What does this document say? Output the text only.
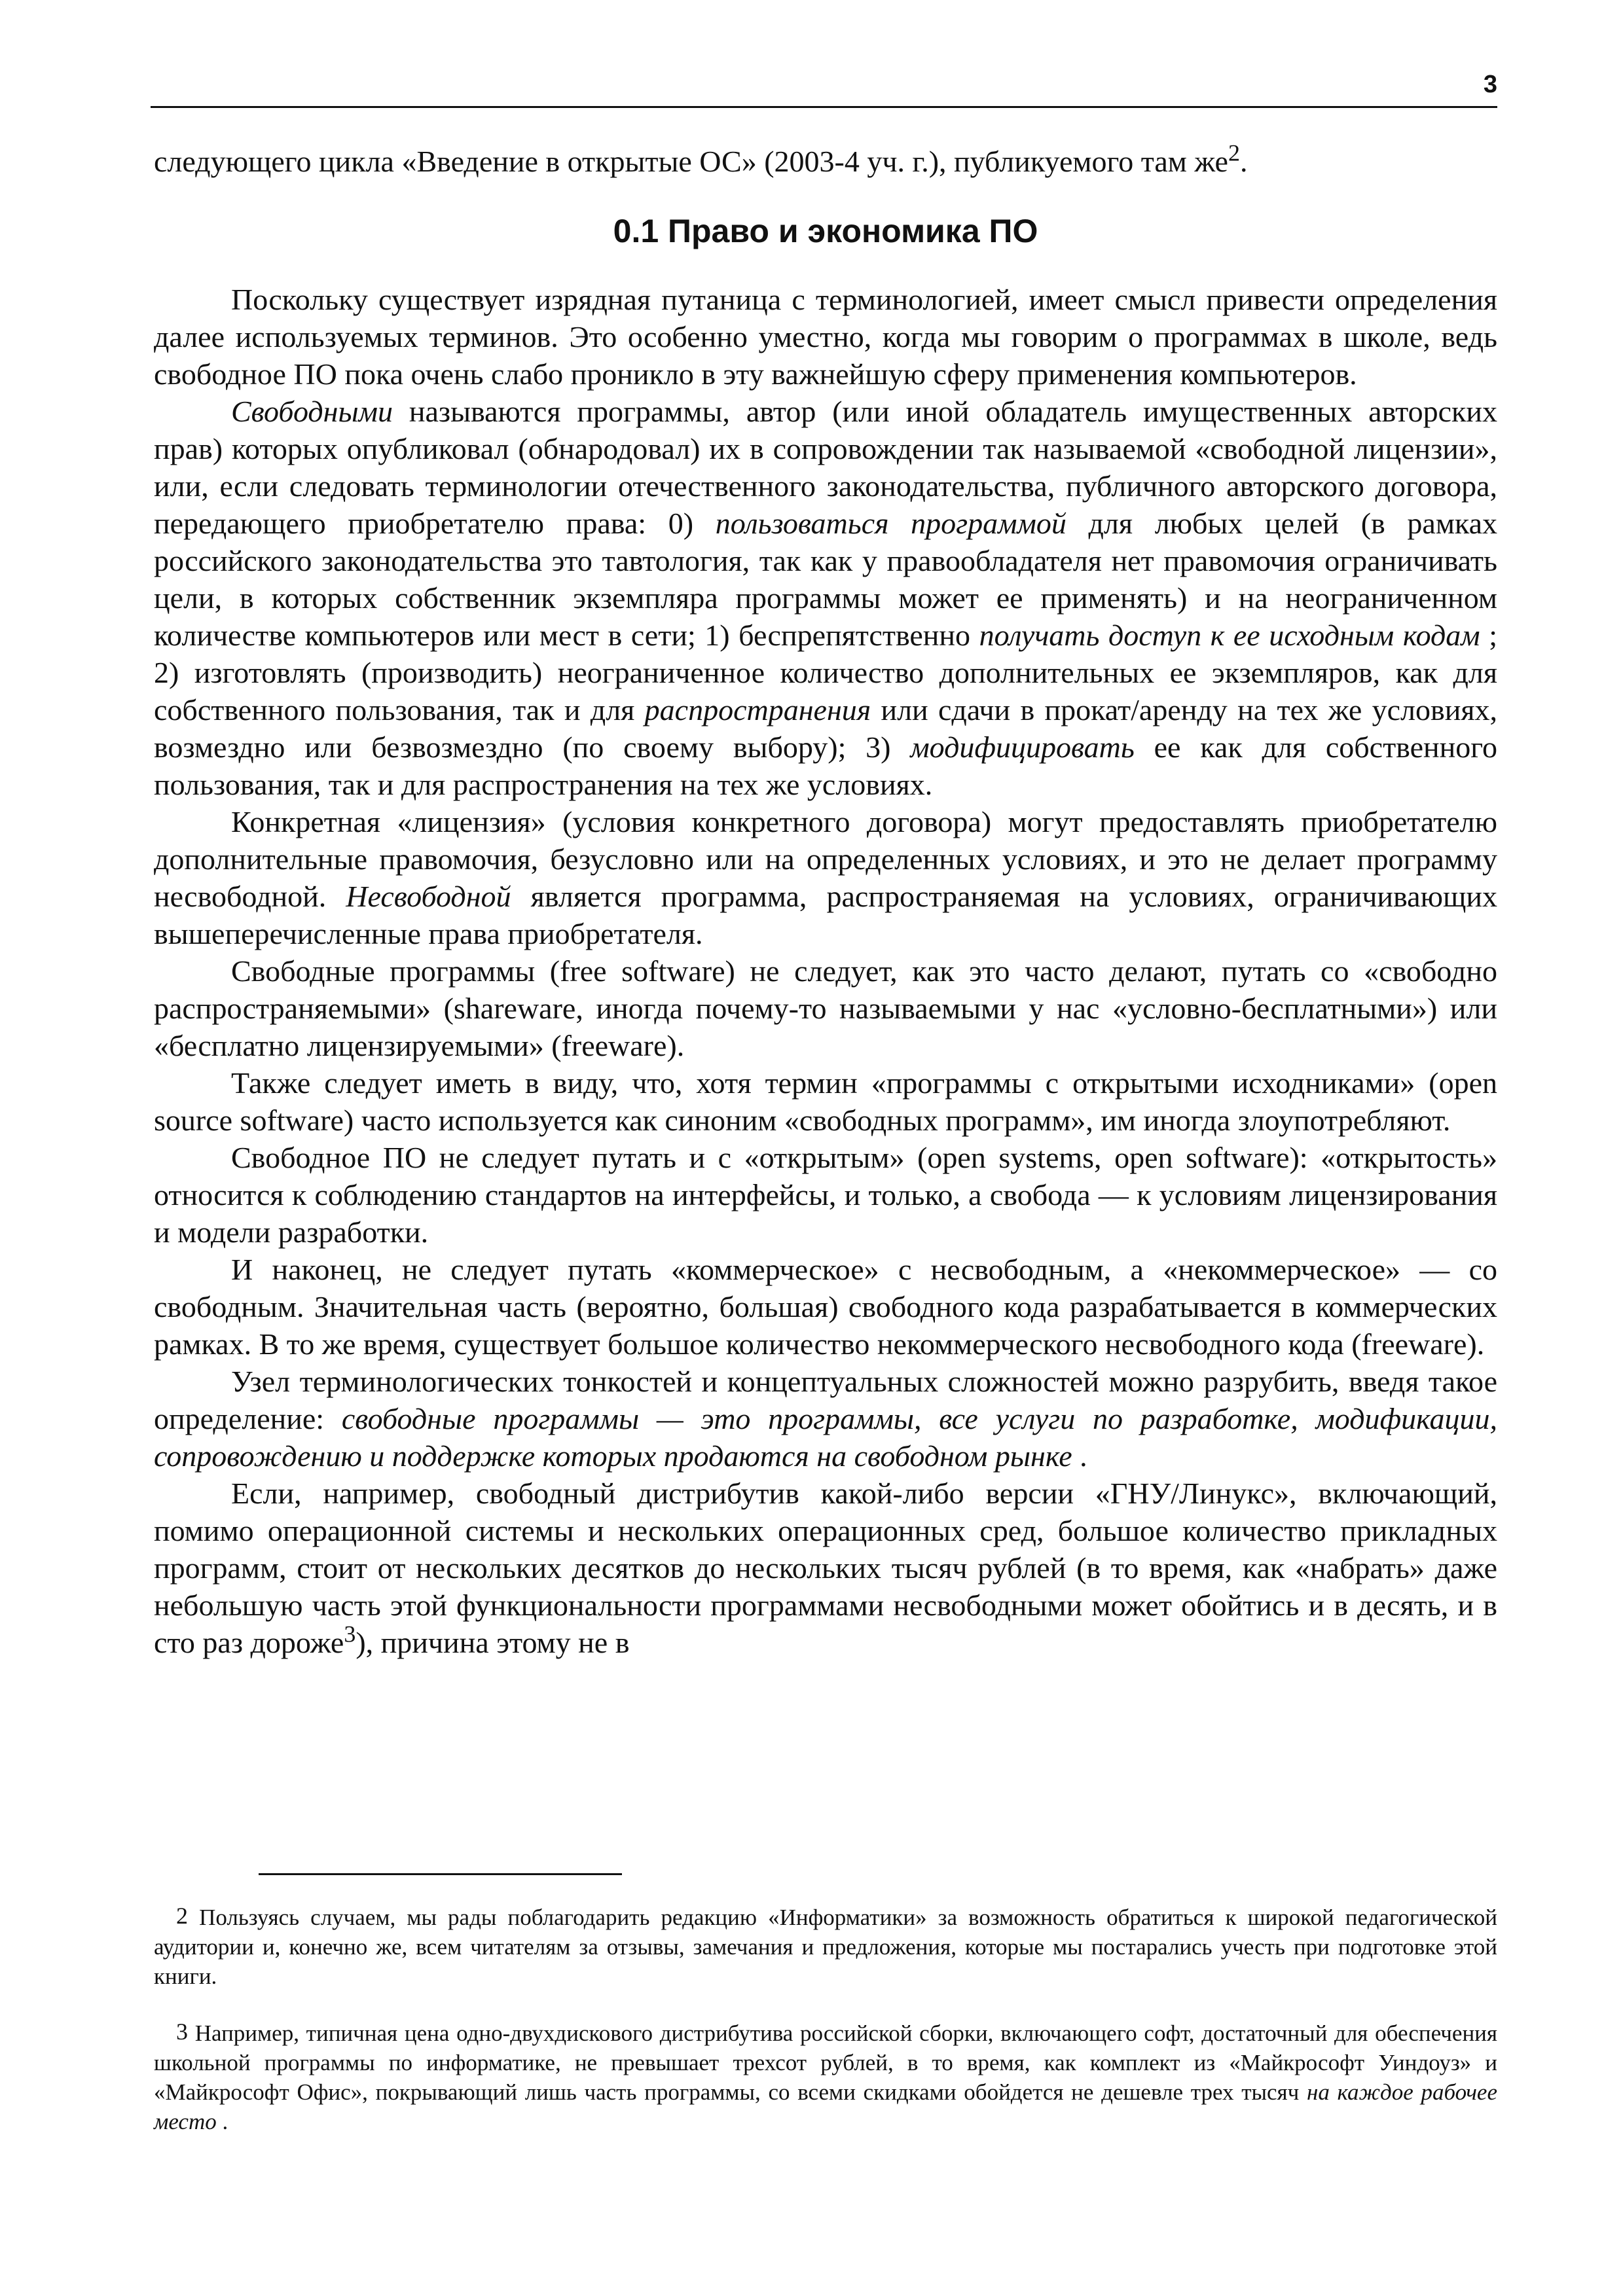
3

следующего цикла «Введение в открытые ОС» (2003-4 уч. г.), публикуемого там же$^2$.

0.1 Право и экономика ПО

Поскольку существует изрядная путаница с терминологией, имеет смысл привести определения далее используемых терминов. Это особенно уместно, когда мы говорим о программах в школе, ведь свободное ПО пока очень слабо проникло в эту важнейшую сферу применения компьютеров.

Свободными называются программы, автор (или иной обладатель имущественных авторских прав) которых опубликовал (обнародовал) их в сопровождении так называемой «свободной лицензии», или, если следовать терминологии отечественного законодательства, публичного авторского договора, передающего приобретателю права: 0) пользоваться программой для любых целей (в рамках российского законодательства это тавтология, так как у правообладателя нет правомочия ограничивать цели, в которых собственник экземпляра программы может ее применять) и на неограниченном количестве компьютеров или мест в сети; 1) беспрепятственно получать доступ к ее исходным кодам ; 2) изготовлять (производить) неограниченное количество дополнительных ее экземпляров, как для собственного пользования, так и для распространения или сдачи в прокат/аренду на тех же условиях, возмездно или безвозмездно (по своему выбору); 3) модифицировать ее как для собственного пользования, так и для распространения на тех же условиях.

Конкретная «лицензия» (условия конкретного договора) могут предоставлять приобретателю дополнительные правомочия, безусловно или на определенных условиях, и это не делает программу несвободной. Несвободной является программа, распространяемая на условиях, ограничивающих вышеперечисленные права приобретателя.

Свободные программы (free software) не следует, как это часто делают, путать со «свободно распространяемыми» (shareware, иногда почему-то называемыми у нас «условно-бесплатными») или «бесплатно лицензируемыми» (freeware).

Также следует иметь в виду, что, хотя термин «программы с открытыми исходниками» (open source software) часто используется как синоним «свободных программ», им иногда злоупотребляют.

Свободное ПО не следует путать и с «открытым» (open systems, open software): «открытость» относится к соблюдению стандартов на интерфейсы, и только, а свобода — к условиям лицензирования и модели разработки.

И наконец, не следует путать «коммерческое» с несвободным, а «некоммерческое» — со свободным. Значительная часть (вероятно, большая) свободного кода разрабатывается в коммерческих рамках. В то же время, существует большое количество некоммерческого несвободного кода (freeware).

Узел терминологических тонкостей и концептуальных сложностей можно разрубить, введя такое определение: свободные программы — это программы, все услуги по разработке, модификации, сопровождению и поддержке которых продаются на свободном рынке .

Если, например, свободный дистрибутив какой-либо версии «ГНУ/Линукс», включающий, помимо операционной системы и нескольких операционных сред, большое количество прикладных программ, стоит от нескольких десятков до нескольких тысяч рублей (в то время, как «набрать» даже небольшую часть этой функциональности программами несвободными может обойтись и в десять, и в сто раз дороже$^3$), причина этому не в

2 Пользуясь случаем, мы рады поблагодарить редакцию «Информатики» за возможность обратиться к широкой педагогической аудитории и, конечно же, всем читателям за отзывы, замечания и предложения, которые мы постарались учесть при подготовке этой книги.

3 Например, типичная цена одно-двухдискового дистрибутива российской сборки, включающего софт, достаточный для обеспечения школьной программы по информатике, не превышает трехсот рублей, в то время, как комплект из «Майкрософт Уиндоуз» и «Майкрософт Офис», покрывающий лишь часть программы, со всеми скидками обойдется не дешевле трех тысяч на каждое рабочее место .
